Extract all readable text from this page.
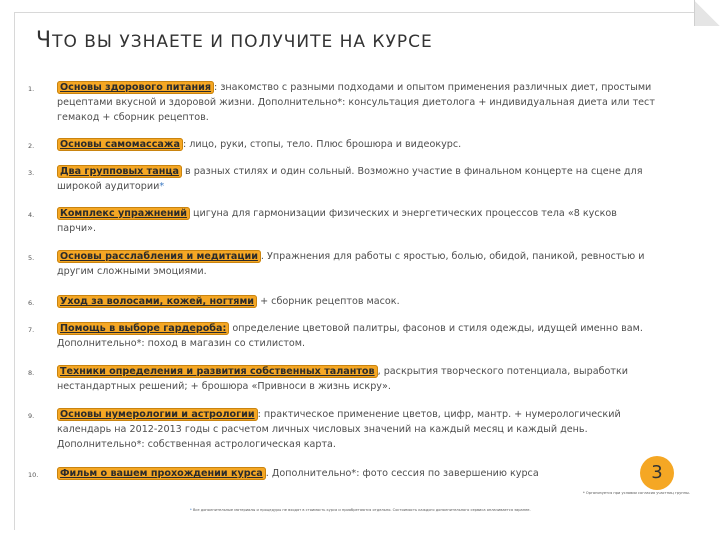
ЧТО ВЫ УЗНАЕТЕ И ПОЛУЧИТЕ НА КУРСЕ
1.	Основы здорового питания : знакомство с разными подходами и опытом применения различных диет, простыми рецептами вкусной и здоровой жизни. Дополнительно*: консультация диетолога + индивидуальная диета или тест гемакод + сборник рецептов.
2.	Основы самомассажа : лицо, руки, стопы, тело. Плюс брошюра и видеокурс.
3.	Два групповых танца в разных стилях и один сольный. Возможно участие в финальном концерте на сцене для широкой аудитории*
4.	Комплекс упражнений цигуна для гармонизации физических и энергетических процессов тела «8 кусков парчи».
5.	Основы расслабления и медитации . Упражнения для работы с яростью, болью, обидой, паникой, ревностью и другим сложными эмоциями.
6.	Уход за волосами, кожей, ногтями + сборник рецептов масок.
7.	Помощь в выборе гардероба: определение цветовой палитры, фасонов и стиля одежды, идущей именно вам. Дополнительно*: поход в магазин со стилистом.
8.	Техники определения и развития собственных талантов , раскрытия творческого потенциала, выработки нестандартных решений; + брошюра «Привноси в жизнь искру».
9.	Основы нумерологии и астрологии : практическое применение цветов, цифр, мантр. + нумерологический календарь на 2012-2013 годы с расчетом личных числовых значений на каждый месяц и каждый день. Дополнительно*: собственная астрологическая карта.
10.	Фильм о вашем прохождении курса . Дополнительно*: фото сессия по завершению курса	3
* Организуется при условии согласия участниц группы.
* Все дополнительные материалы и процедуры не входят в стоимость курса и приобретаются отдельно. Состоимость каждого дополнительного сервиса оплачивается заранее.
